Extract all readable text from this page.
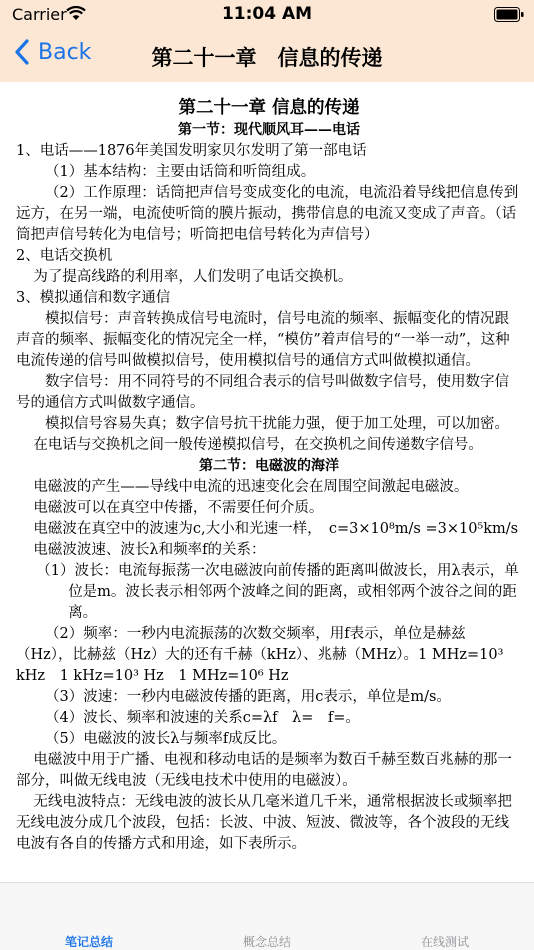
Carrier	11:04 AM
Back	第二十一章　信息的传递

第二十一章 信息的传递

第一节：现代顺风耳——电话

1、电话——1876年美国发明家贝尔发明了第一部电话

（1）基本结构：主要由话筒和听筒组成。

（2）工作原理：话筒把声信号变成变化的电流，电流沿着导线把信息传到远方，在另一端，电流使听筒的膜片振动，携带信息的电流又变成了声音。（话筒把声信号转化为电信号；听筒把电信号转化为声信号）

2、电话交换机

为了提高线路的利用率，人们发明了电话交换机。

3、模拟通信和数字通信

模拟信号：声音转换成信号电流时，信号电流的频率、振幅变化的情况跟声音的频率、振幅变化的情况完全一样，“模仿”着声信号的“一举一动”，这种电流传递的信号叫做模拟信号，使用模拟信号的通信方式叫做模拟通信。

数字信号：用不同符号的不同组合表示的信号叫做数字信号，使用数字信号的通信方式叫做数字通信。

模拟信号容易失真；数字信号抗干扰能力强，便于加工处理，可以加密。

在电话与交换机之间一般传递模拟信号，在交换机之间传递数字信号。

第二节：电磁波的海洋

电磁波的产生——导线中电流的迅速变化会在周围空间激起电磁波。

电磁波可以在真空中传播，不需要任何介质。

电磁波在真空中的波速为c,大小和光速一样，　c=3×10⁸m/s =3×10⁵km/s

电磁波波速、波长λ和频率f的关系：

（1）波长：电流每振荡一次电磁波向前传播的距离叫做波长，用λ表示，单位是m。波长表示相邻两个波峰之间的距离，或相邻两个波谷之间的距离。

（2）频率：一秒内电流振荡的次数交频率，用f表示，单位是赫兹（Hz），比赫兹（Hz）大的还有千赫（kHz）、兆赫（MHz）。1 MHz=10³ kHz　1 kHz=10³ Hz　1 MHz=10⁶ Hz

（3）波速：一秒内电磁波传播的距离，用c表示，单位是m/s。

（4）波长、频率和波速的关系c=λf　λ=　f=。

（5）电磁波的波长λ与频率f成反比。

电磁波中用于广播、电视和移动电话的是频率为数百千赫至数百兆赫的那一部分，叫做无线电波（无线电技术中使用的电磁波）。

无线电波特点：无线电波的波长从几毫米道几千米，通常根据波长或频率把无线电波分成几个波段，包括：长波、中波、短波、微波等，各个波段的无线电波有各自的传播方式和用途，如下表所示。

笔记总结	概念总结	在线测试
